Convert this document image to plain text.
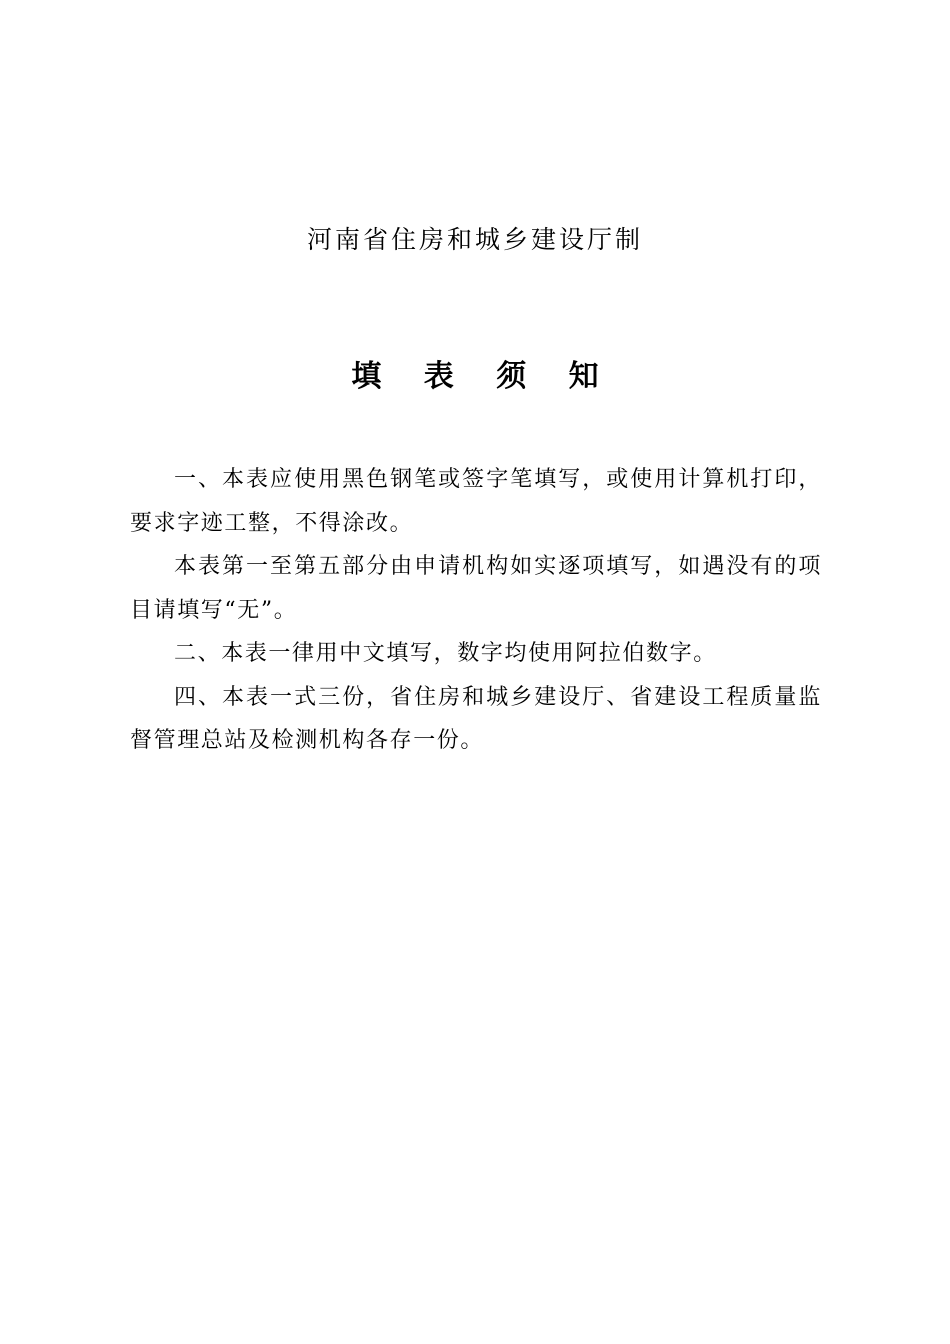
河南省住房和城乡建设厅制
填 表 须 知

一、本表应使用黑色钢笔或签字笔填写，或使用计算机打印，要求字迹工整，不得涂改。

本表第一至第五部分由申请机构如实逐项填写，如遇没有的项目请填写“无”。

二、本表一律用中文填写，数字均使用阿拉伯数字。

四、本表一式三份，省住房和城乡建设厅、省建设工程质量监督管理总站及检测机构各存一份。
